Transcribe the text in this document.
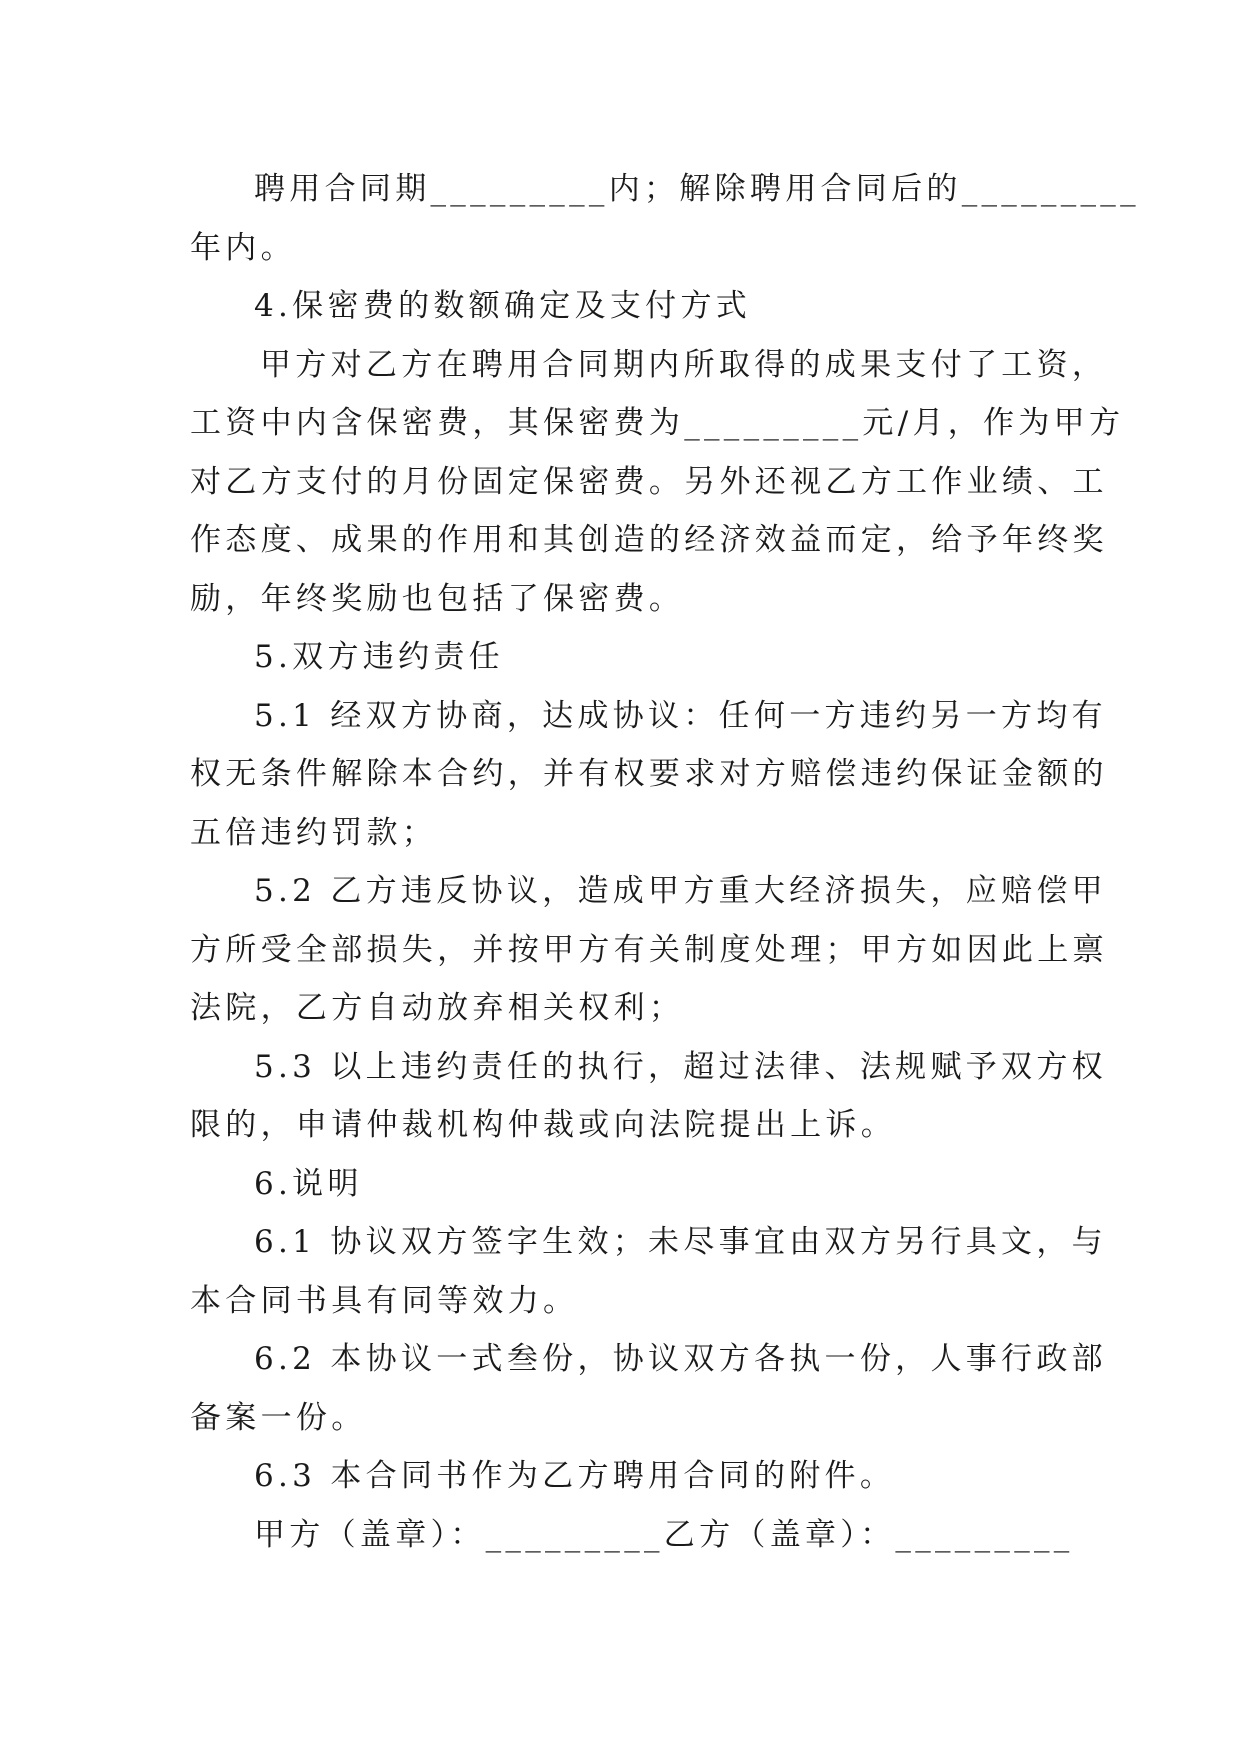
聘用合同期_________内；解除聘用合同后的_________
年内。
4.保密费的数额确定及支付方式
甲方对乙方在聘用合同期内所取得的成果支付了工资，
工资中内含保密费，其保密费为_________元/月，作为甲方
对乙方支付的月份固定保密费。另外还视乙方工作业绩、工
作态度、成果的作用和其创造的经济效益而定，给予年终奖
励，年终奖励也包括了保密费。
5.双方违约责任
5.1 经双方协商，达成协议：任何一方违约另一方均有
权无条件解除本合约，并有权要求对方赔偿违约保证金额的
五倍违约罚款；
5.2 乙方违反协议，造成甲方重大经济损失，应赔偿甲
方所受全部损失，并按甲方有关制度处理；甲方如因此上禀
法院，乙方自动放弃相关权利；
5.3 以上违约责任的执行，超过法律、法规赋予双方权
限的，申请仲裁机构仲裁或向法院提出上诉。
6.说明
6.1 协议双方签字生效；未尽事宜由双方另行具文，与
本合同书具有同等效力。
6.2 本协议一式叁份，协议双方各执一份，人事行政部
备案一份。
6.3 本合同书作为乙方聘用合同的附件。
甲方（盖章）：_________乙方（盖章）：_________
